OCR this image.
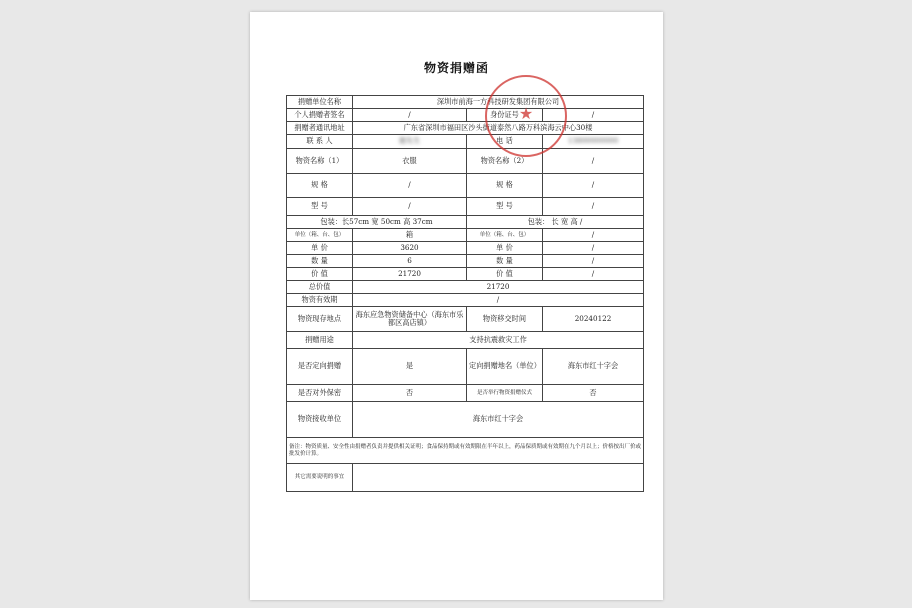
物资捐赠函
捐赠单位名称	深圳市前海一方科技研发集团有限公司		
个人捐赠者签名	/	身份证号	/
捐赠者通讯地址	广东省深圳市福田区沙头街道泰然八路万科滨海云中心30楼		
联 系 人	谢先生	电 话	13800000000
物资名称（1）	衣服	物资名称（2）	/
规 格	/	规 格	/
型 号	/	型 号	/
包装：长57cm 宽 50cm 高 37cm		包装： 长 宽 高 /	
单位（箱、台、包）	箱	单位（箱、台、包）	/
单 价	3620	单 价	/
数 量	6	数 量	/
价 值	21720	价 值	/
总价值	21720		
物资有效期	/		
物资现存地点	海东应急物资储备中心（海东市乐都区高店镇）	物资移交时间	20240122
捐赠用途	支持抗震救灾工作		
是否定向捐赠	是	定向捐赠地名（单位）	海东市红十字会
是否对外保密	否	是否举行物资捐赠仪式	否
物资接收单位	海东市红十字会		
备注：物资质量、安全性由捐赠者负责并提供相关证明；食品保持期或有效期限在半年以上，药品保质期或有效期在九个月以上；价格按出厂价或批发价计算。			
其它需要说明的事宜			
★
